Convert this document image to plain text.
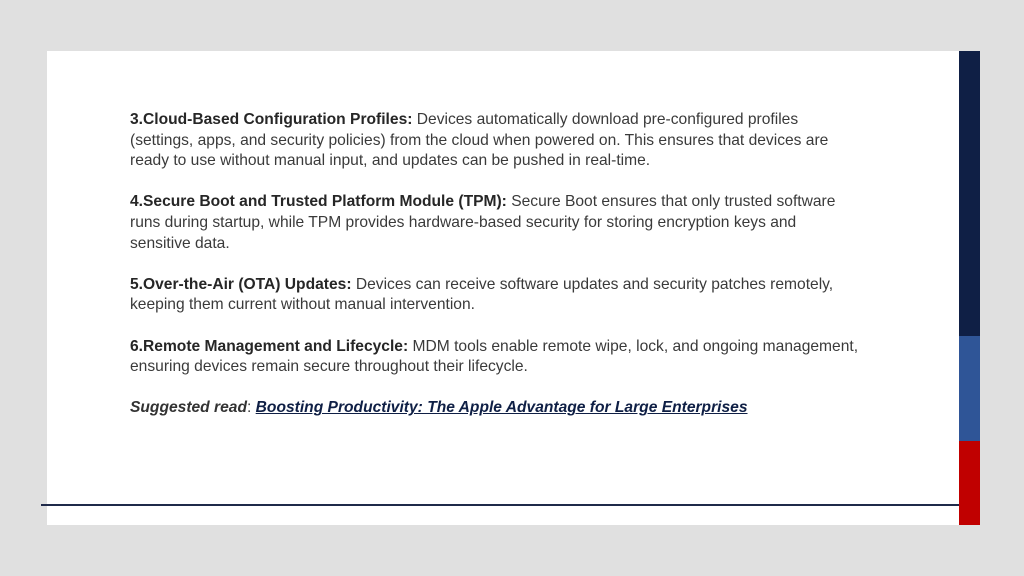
3.Cloud-Based Configuration Profiles: Devices automatically download pre-configured profiles (settings, apps, and security policies) from the cloud when powered on. This ensures that devices are ready to use without manual input, and updates can be pushed in real-time.

4.Secure Boot and Trusted Platform Module (TPM): Secure Boot ensures that only trusted software runs during startup, while TPM provides hardware-based security for storing encryption keys and sensitive data.

5.Over-the-Air (OTA) Updates: Devices can receive software updates and security patches remotely, keeping them current without manual intervention.

6.Remote Management and Lifecycle: MDM tools enable remote wipe, lock, and ongoing management, ensuring devices remain secure throughout their lifecycle.

Suggested read: Boosting Productivity: The Apple Advantage for Large Enterprises
